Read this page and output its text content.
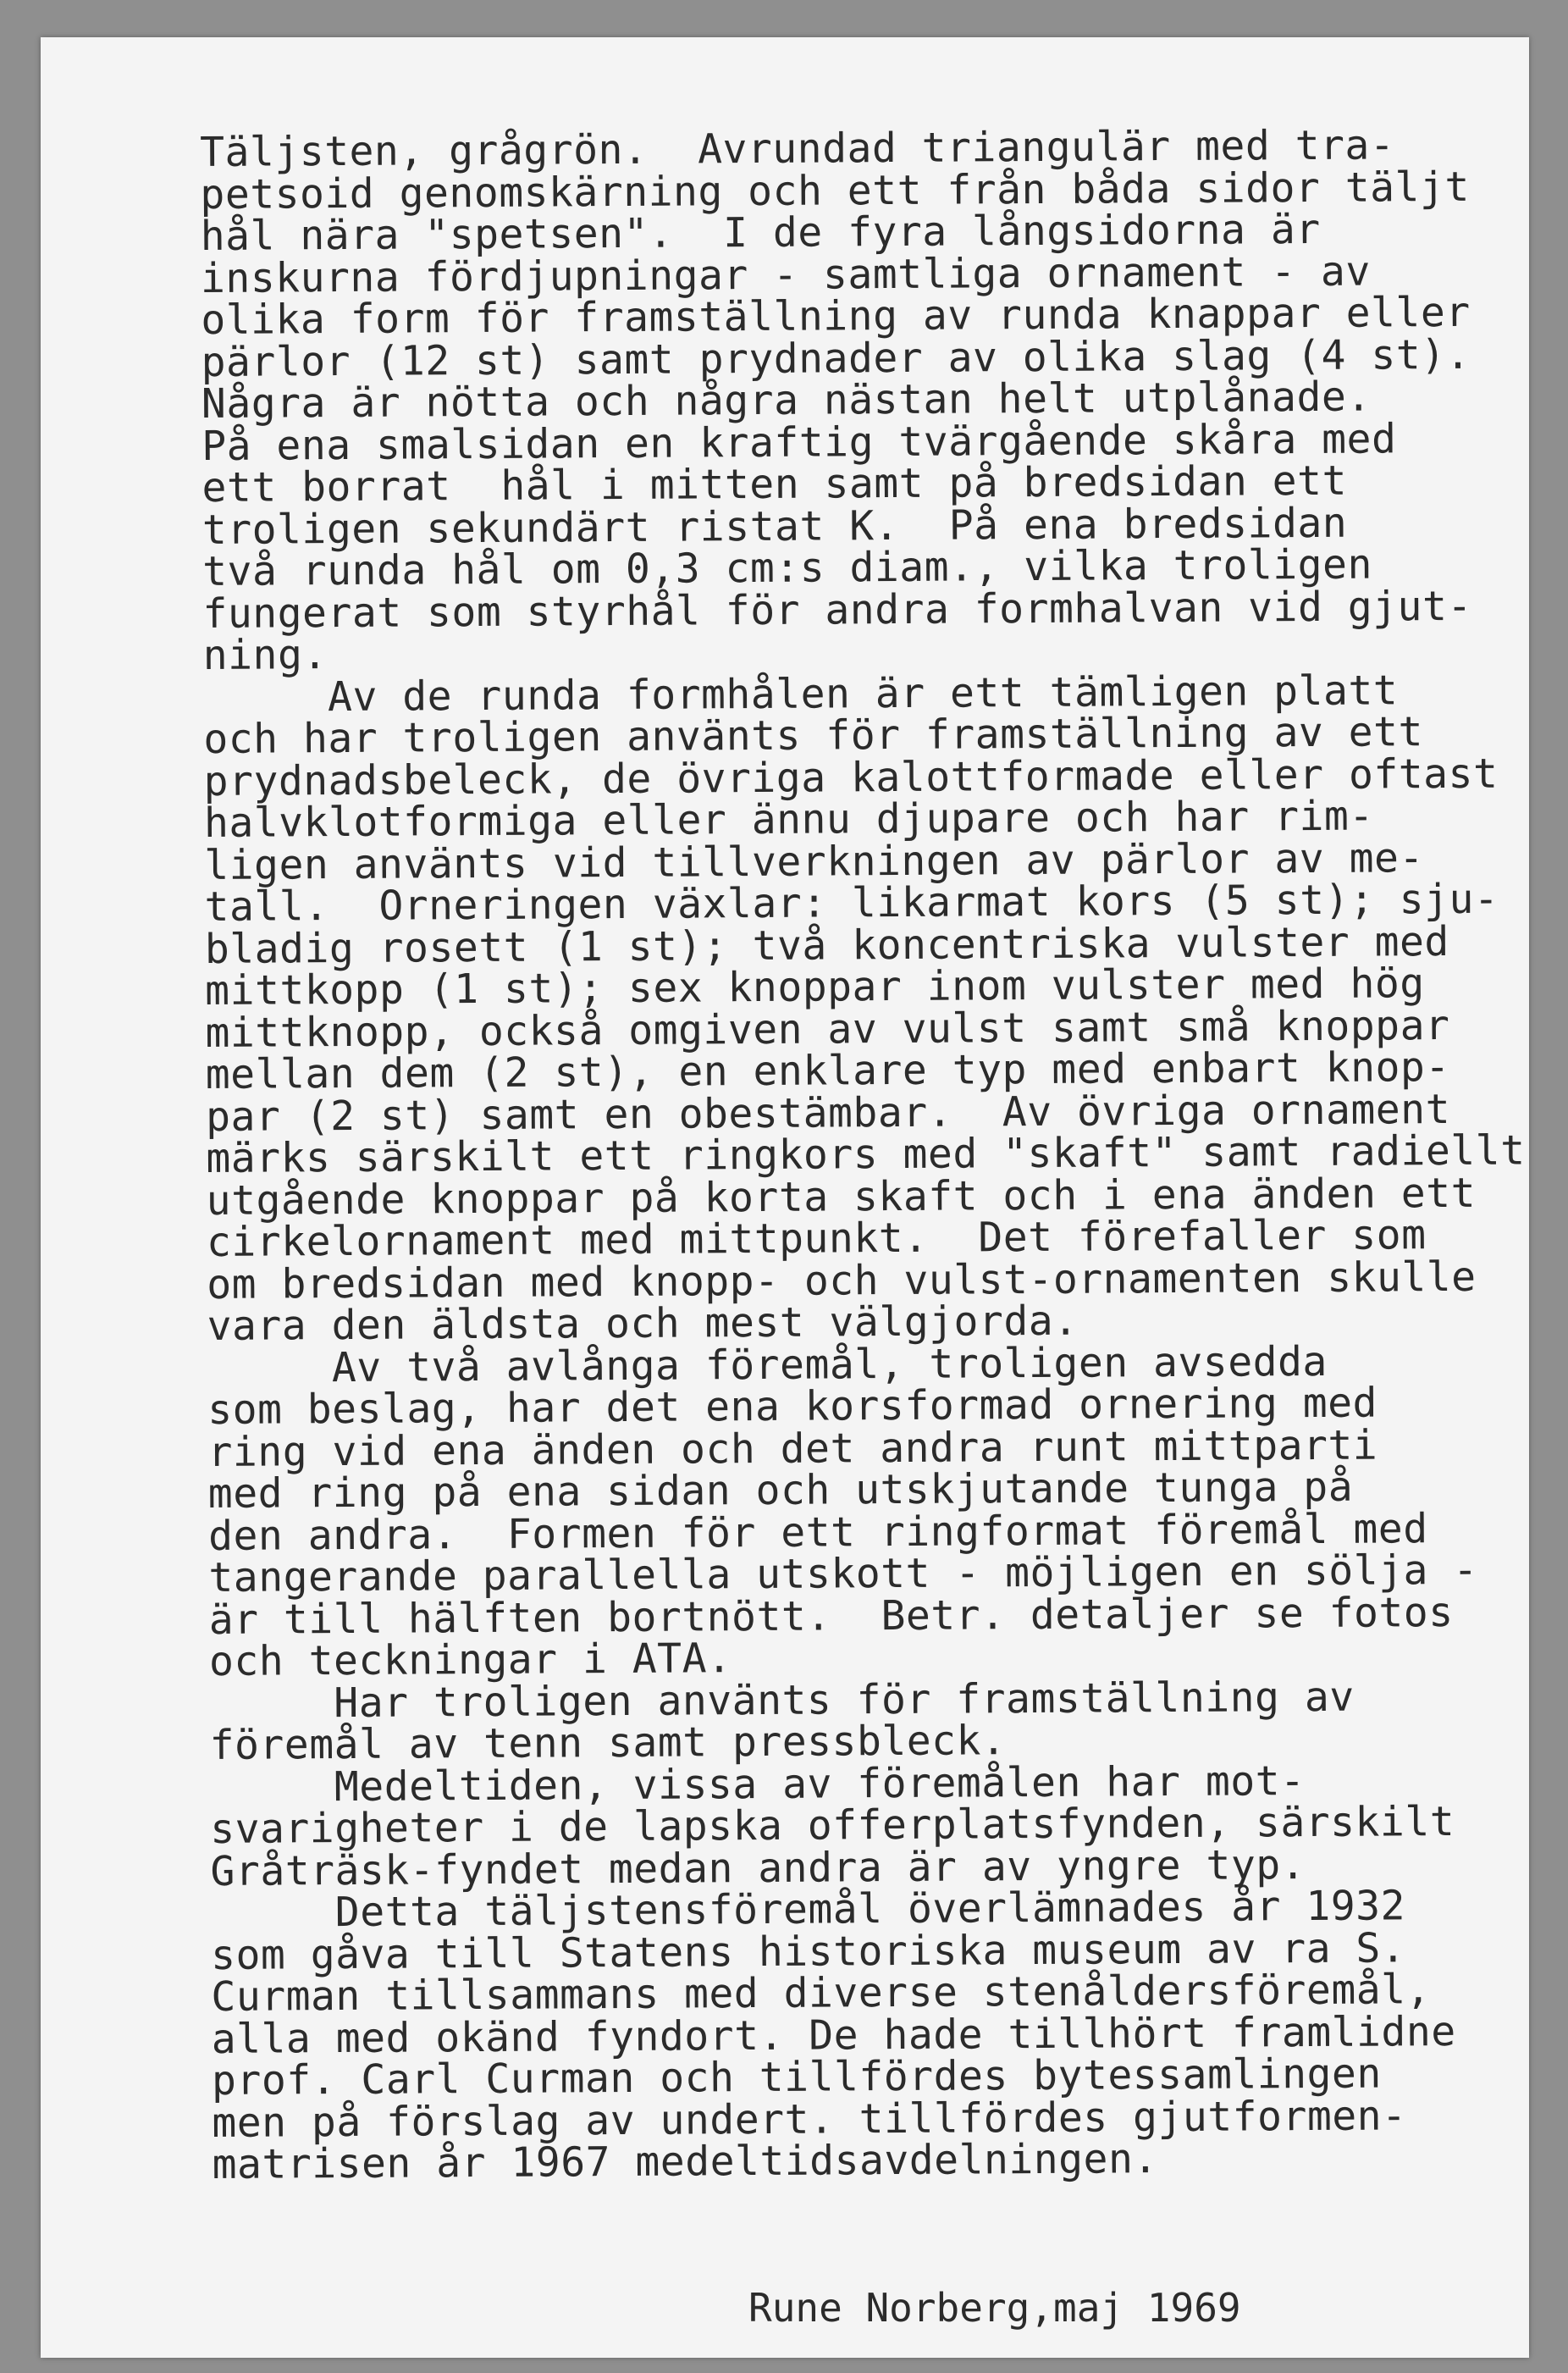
Täljsten, grågrön.  Avrundad triangulär med tra-
petsoid genomskärning och ett från båda sidor täljt
hål nära "spetsen".  I de fyra långsidorna är
inskurna fördjupningar - samtliga ornament - av
olika form för framställning av runda knappar eller
pärlor (12 st) samt prydnader av olika slag (4 st).
Några är nötta och några nästan helt utplånade.
På ena smalsidan en kraftig tvärgående skåra med
ett borrat  hål i mitten samt på bredsidan ett
troligen sekundärt ristat K.  På ena bredsidan
två runda hål om 0,3 cm:s diam., vilka troligen
fungerat som styrhål för andra formhalvan vid gjut-
ning.
Av de runda formhålen är ett tämligen platt
och har troligen använts för framställning av ett
prydnadsbeleck, de övriga kalottformade eller oftast
halvklotformiga eller ännu djupare och har rim-
ligen använts vid tillverkningen av pärlor av me-
tall.  Orneringen växlar: likarmat kors (5 st); sju-
bladig rosett (1 st); två koncentriska vulster med
mittkopp (1 st); sex knoppar inom vulster med hög
mittknopp, också omgiven av vulst samt små knoppar
mellan dem (2 st), en enklare typ med enbart knop-
par (2 st) samt en obestämbar.  Av övriga ornament
märks särskilt ett ringkors med "skaft" samt radiellt
utgående knoppar på korta skaft och i ena änden ett
cirkelornament med mittpunkt.  Det förefaller som
om bredsidan med knopp- och vulst-ornamenten skulle
vara den äldsta och mest välgjorda.
Av två avlånga föremål, troligen avsedda
som beslag, har det ena korsformad ornering med
ring vid ena änden och det andra runt mittparti
med ring på ena sidan och utskjutande tunga på
den andra.  Formen för ett ringformat föremål med
tangerande parallella utskott - möjligen en sölja -
är till hälften bortnött.  Betr. detaljer se fotos
och teckningar i ATA.
Har troligen använts för framställning av
föremål av tenn samt pressbleck.
Medeltiden, vissa av föremålen har mot-
svarigheter i de lapska offerplatsfynden, särskilt
Gråträsk-fyndet medan andra är av yngre typ.
Detta täljstensföremål överlämnades år 1932
som gåva till Statens historiska museum av ra S.
Curman tillsammans med diverse stenåldersföremål,
alla med okänd fyndort. De hade tillhört framlidne
prof. Carl Curman och tillfördes bytessamlingen
men på förslag av undert. tillfördes gjutformen-
matrisen år 1967 medeltidsavdelningen.
Rune Norberg,maj 1969
